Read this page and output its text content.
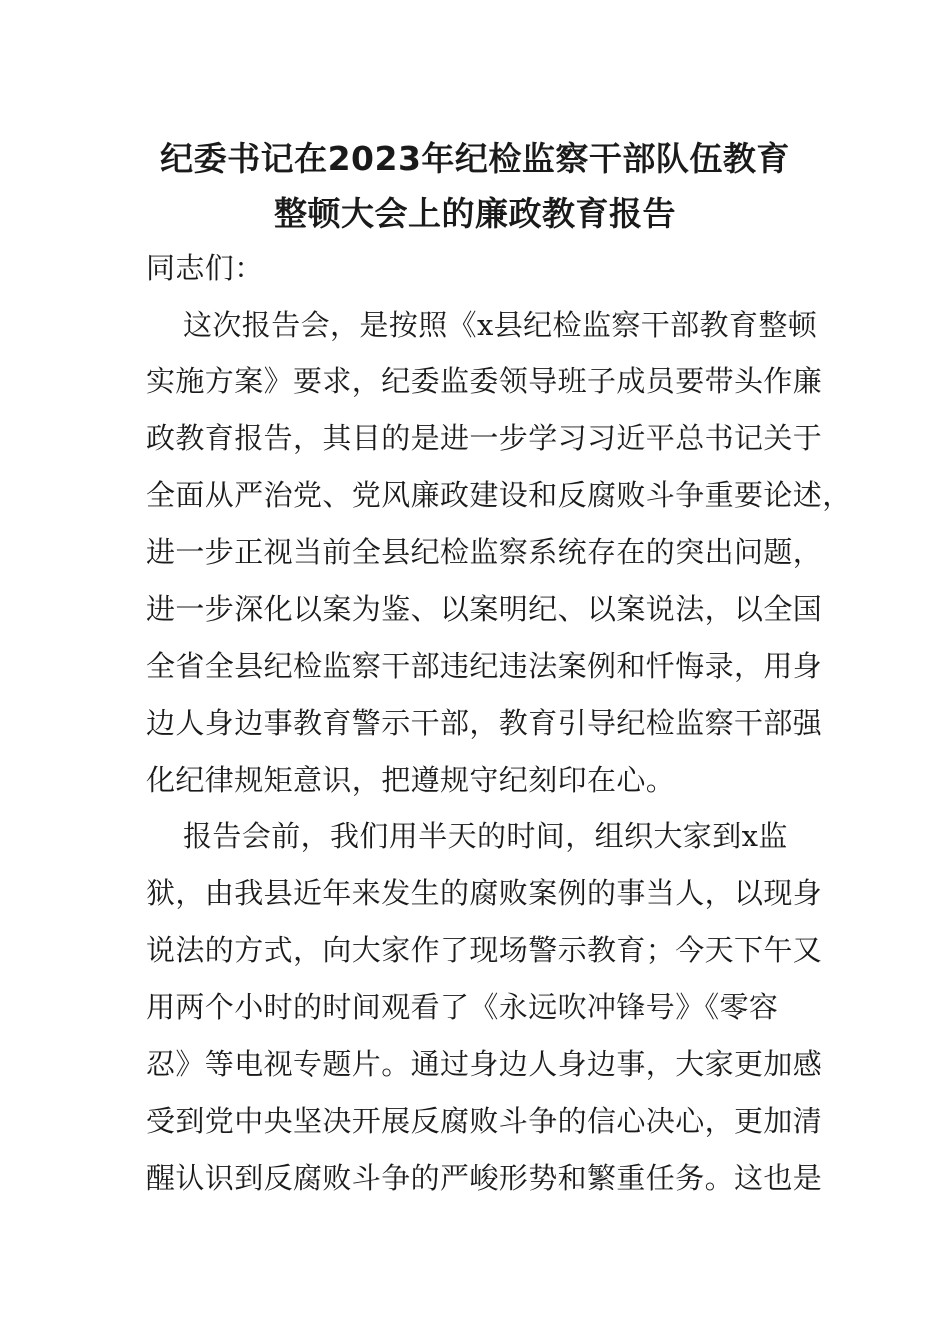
纪委书记在2023年纪检监察干部队伍教育
整顿大会上的廉政教育报告
同志们：
这次报告会，是按照《x县纪检监察干部教育整顿
实施方案》要求，纪委监委领导班子成员要带头作廉
政教育报告，其目的是进一步学习习近平总书记关于
全面从严治党、党风廉政建设和反腐败斗争重要论述，
进一步正视当前全县纪检监察系统存在的突出问题，
进一步深化以案为鉴、以案明纪、以案说法，以全国
全省全县纪检监察干部违纪违法案例和忏悔录，用身
边人身边事教育警示干部，教育引导纪检监察干部强
化纪律规矩意识，把遵规守纪刻印在心。
报告会前，我们用半天的时间，组织大家到x监
狱，由我县近年来发生的腐败案例的事当人，以现身
说法的方式，向大家作了现场警示教育；今天下午又
用两个小时的时间观看了《永远吹冲锋号》《零容
忍》等电视专题片。通过身边人身边事，大家更加感
受到党中央坚决开展反腐败斗争的信心决心，更加清
醒认识到反腐败斗争的严峻形势和繁重任务。这也是
